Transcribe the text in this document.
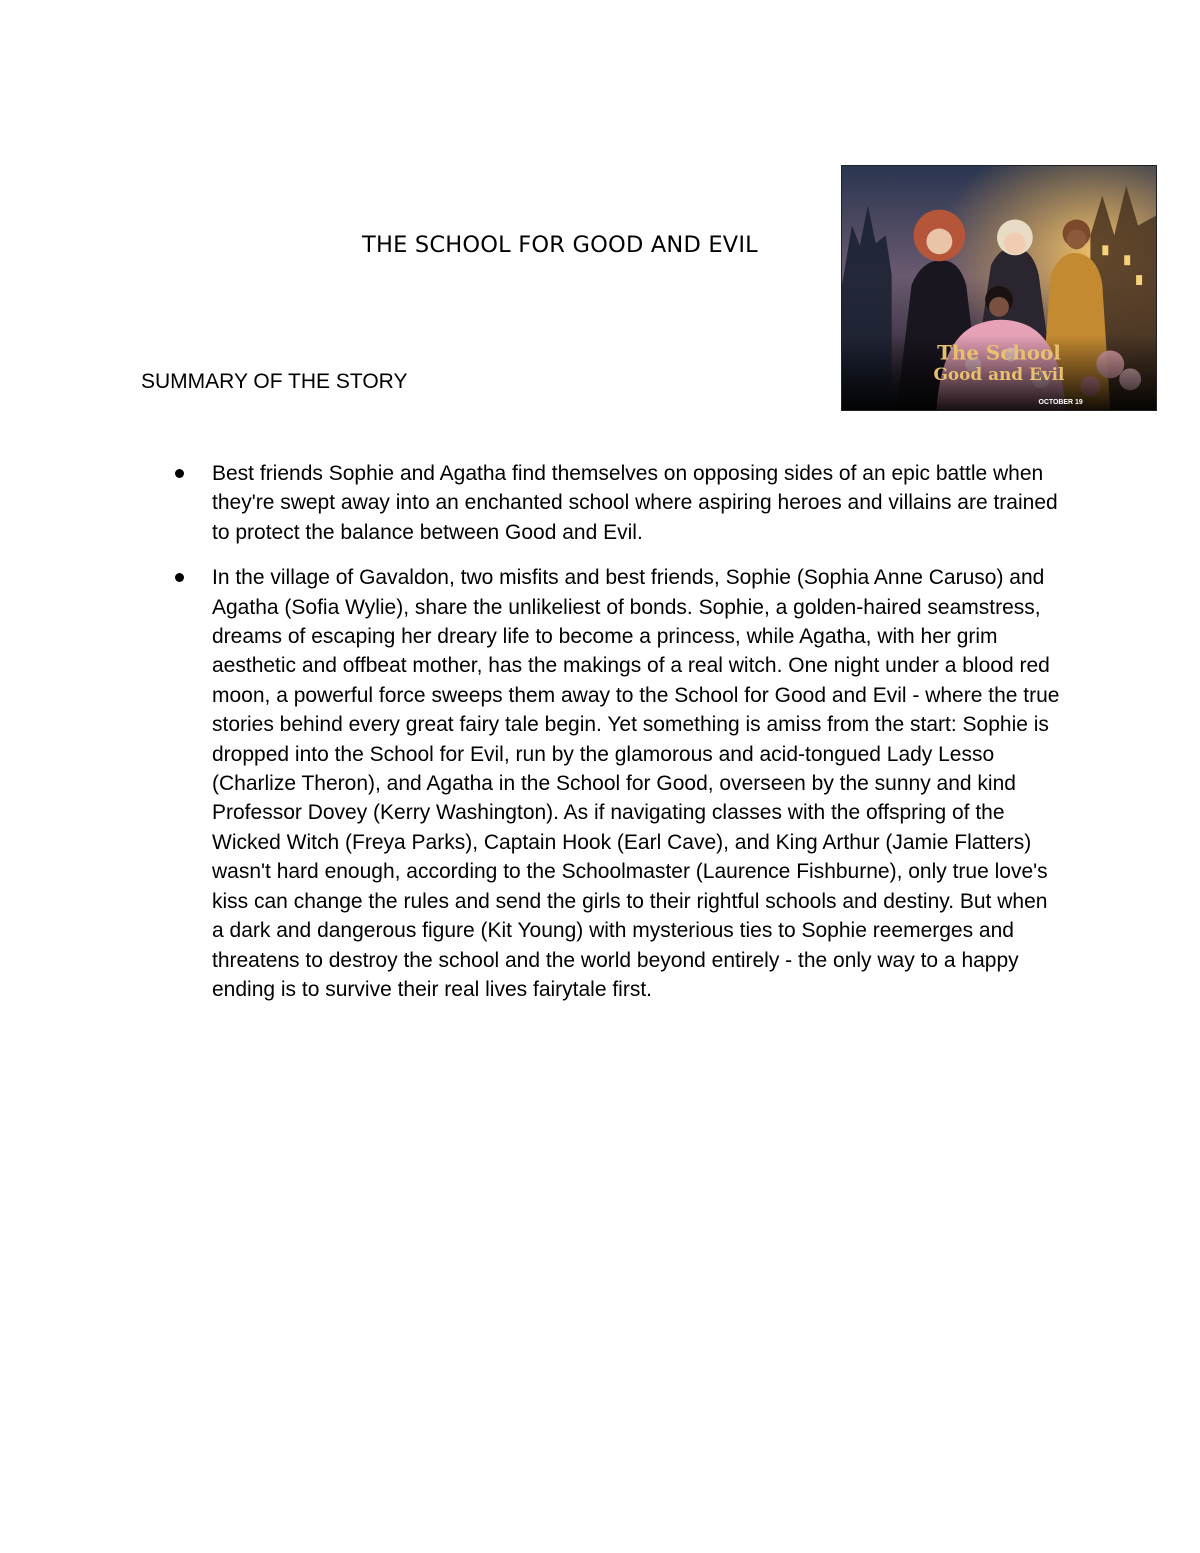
THE SCHOOL FOR GOOD AND EVIL
The School
Good and Evil
OCTOBER 19
SUMMARY OF THE STORY
Best friends Sophie and Agatha find themselves on opposing sides of an epic battle when they're swept away into an enchanted school where aspiring heroes and villains are trained to protect the balance between Good and Evil.
In the village of Gavaldon, two misfits and best friends, Sophie (Sophia Anne Caruso) and Agatha (Sofia Wylie), share the unlikeliest of bonds. Sophie, a golden-haired seamstress, dreams of escaping her dreary life to become a princess, while Agatha, with her grim aesthetic and offbeat mother, has the makings of a real witch. One night under a blood red moon, a powerful force sweeps them away to the School for Good and Evil - where the true stories behind every great fairy tale begin. Yet something is amiss from the start: Sophie is dropped into the School for Evil, run by the glamorous and acid-tongued Lady Lesso (Charlize Theron), and Agatha in the School for Good, overseen by the sunny and kind Professor Dovey (Kerry Washington). As if navigating classes with the offspring of the Wicked Witch (Freya Parks), Captain Hook (Earl Cave), and King Arthur (Jamie Flatters) wasn't hard enough, according to the Schoolmaster (Laurence Fishburne), only true love's kiss can change the rules and send the girls to their rightful schools and destiny. But when a dark and dangerous figure (Kit Young) with mysterious ties to Sophie reemerges and threatens to destroy the school and the world beyond entirely - the only way to a happy ending is to survive their real lives fairytale first.
